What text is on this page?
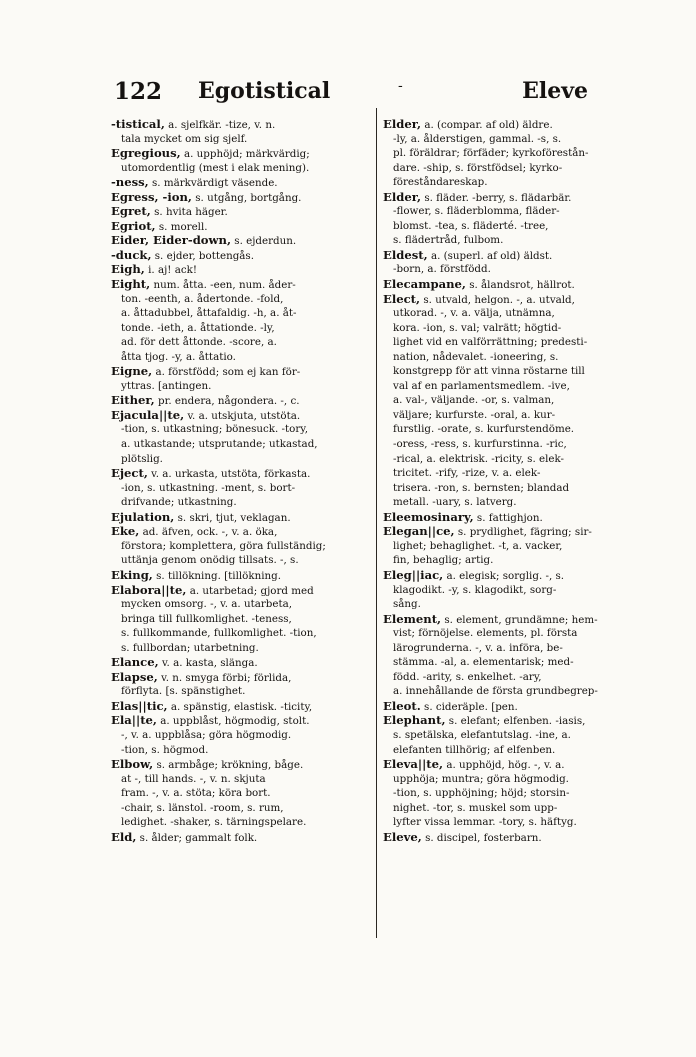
122 Egotistical	-	Eleve
-tistical, a. sjelfkär. -tize, v. n.
tala mycket om sig sjelf.
Egregious, a. upphöjd; märkvärdig;
utomordentlig (mest i elak mening).
-ness, s. märkvärdigt väsende.
Egress, -ion, s. utgång, bortgång.
Egret, s. hvita häger.
Egriot, s. morell.
Eider, Eider-down, s. ejderdun.
-duck, s. ejder, bottengås.
Eigh, i. aj! ack!
Eight, num. åtta. -een, num. åder-
ton. -eenth, a. ådertonde. -fold,
a. åttadubbel, åttafaldig. -h, a. åt-
tonde. -ieth, a. åttationde. -ly,
ad. för dett åttonde. -score, a.
åtta tjog. -y, a. åttatio.
Eigne, a. förstfödd; som ej kan för-
yttras. [antingen.
Either, pr. endera, någondera. -, c.
Ejacula||te, v. a. utskjuta, utstöta.
-tion, s. utkastning; bönesuck. -tory,
a. utkastande; utsprutande; utkastad,
plötslig.
Eject, v. a. urkasta, utstöta, förkasta.
-ion, s. utkastning. -ment, s. bort-
drifvande; utkastning.
Ejulation, s. skri, tjut, veklagan.
Eke, ad. äfven, ock. -, v. a. öka,
förstora; komplettera, göra fullständig;
uttänja genom onödig tillsats. -, s.
Eking, s. tillökning. [tillökning.
Elabora||te, a. utarbetad; gjord med
mycken omsorg. -, v. a. utarbeta,
bringa till fullkomlighet. -teness,
s. fullkommande, fullkomlighet. -tion,
s. fullbordan; utarbetning.
Elance, v. a. kasta, slänga.
Elapse, v. n. smyga förbi; förlida,
förflyta. [s. spänstighet.
Elas||tic, a. spänstig, elastisk. -ticity,
Ela||te, a. uppblåst, högmodig, stolt.
-, v. a. uppblåsa; göra högmodig.
-tion, s. högmod.
Elbow, s. armbåge; krökning, båge.
at -, till hands. -, v. n. skjuta
fram. -, v. a. stöta; köra bort.
-chair, s. länstol. -room, s. rum,
ledighet. -shaker, s. tärningspelare.
Eld, s. ålder; gammalt folk.
Elder, a. (compar. af old) äldre.
-ly, a. ålderstigen, gammal. -s, s.
pl. föräldrar; förfäder; kyrkoförestån-
dare. -ship, s. förstfödsel; kyrko-
föreståndareskap.
Elder, s. fläder. -berry, s. flädarbär.
-flower, s. fläderblomma, fläder-
blomst. -tea, s. fläderté. -tree,
s. flädertråd, fulbom.
Eldest, a. (superl. af old) äldst.
-born, a. förstfödd.
Elecampane, s. ålandsrot, hällrot.
Elect, s. utvald, helgon. -, a. utvald,
utkorad. -, v. a. välja, utnämna,
kora. -ion, s. val; valrätt; högtid-
lighet vid en valförrättning; predesti-
nation, nådevalet. -ioneering, s.
konstgrepp för att vinna röstarne till
val af en parlamentsmedlem. -ive,
a. val-, väljande. -or, s. valman,
väljare; kurfurste. -oral, a. kur-
furstlig. -orate, s. kurfurstendöme.
-oress, -ress, s. kurfurstinna. -ric,
-rical, a. elektrisk. -ricity, s. elek-
tricitet. -rify, -rize, v. a. elek-
trisera. -ron, s. bernsten; blandad
metall. -uary, s. latverg.
Eleemosinary, s. fattighjon.
Elegan||ce, s. prydlighet, fägring; sir-
lighet; behaglighet. -t, a. vacker,
fin, behaglig; artig.
Eleg||iac, a. elegisk; sorglig. -, s.
klagodikt. -y, s. klagodikt, sorg-
sång.
Element, s. element, grundämne; hem-
vist; förnöjelse. elements, pl. första
lärogrunderna. -, v. a. införa, be-
stämma. -al, a. elementarisk; med-
född. -arity, s. enkelhet. -ary,
a. innehållande de första grundbegrep-
Eleot. s. cideräple. [pen.
Elephant, s. elefant; elfenben. -iasis,
s. spetälska, elefantutslag. -ine, a.
elefanten tillhörig; af elfenben.
Eleva||te, a. upphöjd, hög. -, v. a.
upphöja; muntra; göra högmodig.
-tion, s. upphöjning; höjd; storsin-
nighet. -tor, s. muskel som upp-
lyfter vissa lemmar. -tory, s. häftyg.
Eleve, s. discipel, fosterbarn.
